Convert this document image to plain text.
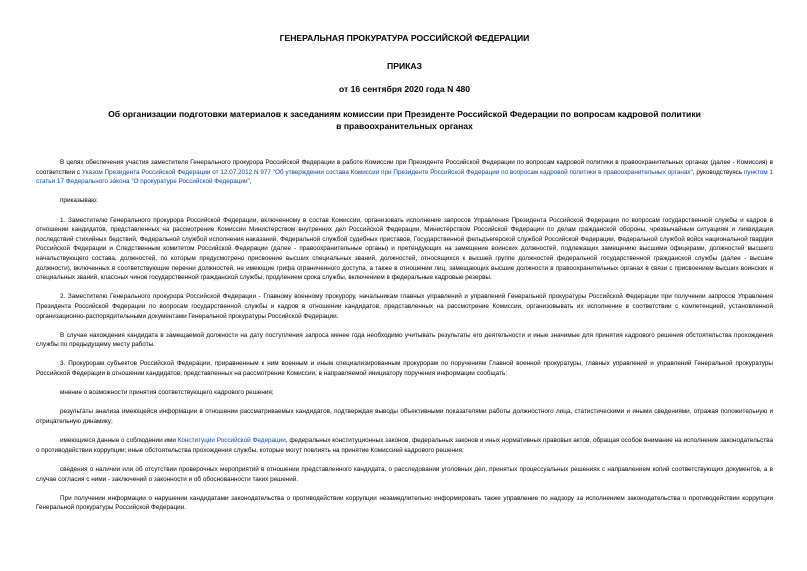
ГЕНЕРАЛЬНАЯ ПРОКУРАТУРА РОССИЙСКОЙ ФЕДЕРАЦИИ
ПРИКАЗ
от 16 сентября 2020 года N 480
Об организации подготовки материалов к заседаниям комиссии при Президенте Российской Федерации по вопросам кадровой политики в правоохранительных органах

В целях обеспечения участия заместителя Генерального прокурора Российской Федерации в работе Комиссии при Президенте Российской Федерации по вопросам кадровой политики в правоохранительных органах (далее - Комиссия) в соответствии с Указом Президента Российской Федерации от 12.07.2012 N 977 "Об утверждении состава Комиссии при Президенте Российской Федерации по вопросам кадровой политики в правоохранительных органах", руководствуясь пунктом 1 статьи 17 Федерального закона "О прокуратуре Российской Федерации",

приказываю:

1. Заместителю Генерального прокурора Российской Федерации, включенному в состав Комиссии, организовать исполнение запросов Управления Президента Российской Федерации по вопросам государственной службы и кадров в отношении кандидатов, представленных на рассмотрение Комиссии Министерством внутренних дел Российской Федерации, Министерством Российской Федерации по делам гражданской обороны, чрезвычайным ситуациям и ликвидации последствий стихийных бедствий, Федеральной службой исполнения наказаний, Федеральной службой судебных приставов, Государственной фельдъегерской службой Российской Федерации, Федеральной службой войск национальной гвардии Российской Федерации и Следственным комитетом Российской Федерации (далее - правоохранительные органы) и претендующих на замещение воинских должностей, подлежащих замещению высшими офицерами, должностей высшего начальствующего состава, должностей, по которым предусмотрено присвоение высших специальных званий, должностей, относящихся к высшей группе должностей федеральной государственной гражданской службы (далее - высшие должности), включенных в соответствующие перечни должностей, не имеющие грифа ограниченного доступа, а также в отношении лиц, замещающих высшие должности в правоохранительных органах в связи с присвоением высших воинских и специальных званий, классных чинов государственной гражданской службы, продлением срока службы, включением в федеральные кадровые резервы.

2. Заместителю Генерального прокурора Российской Федерации - Главному военному прокурору, начальникам главных управлений и управлений Генеральной прокуратуры Российской Федерации при получении запросов Управления Президента Российской Федерации по вопросам государственной службы и кадров в отношении кандидатов, представленных на рассмотрение Комиссии, организовывать их исполнение в соответствии с компетенцией, установленной организационно-распорядительными документами Генеральной прокуратуры Российской Федерации.

В случае нахождения кандидата в замещаемой должности на дату поступления запроса менее года необходимо учитывать результаты его деятельности и иные значимые для принятия кадрового решения обстоятельства прохождения службы по предыдущему месту работы.

3. Прокурорам субъектов Российской Федерации, приравненным к ним военным и иным специализированным прокурорам по поручениям Главной военной прокуратуры, главных управлений и управлений Генеральной прокуратуры Российской Федерации в отношении кандидатов, представленных на рассмотрение Комиссии, в направляемой инициатору поручения информации сообщать:

мнение о возможности принятия соответствующего кадрового решения;

результаты анализа имеющейся информации в отношении рассматриваемых кандидатов, подтверждая выводы объективными показателями работы должностного лица, статистическими и иными сведениями, отражая положительную и отрицательную динамику;

имеющиеся данные о соблюдении ими Конституции Российской Федерации, федеральных конституционных законов, федеральных законов и иных нормативных правовых актов, обращая особое внимание на исполнение законодательства о противодействии коррупции; иные обстоятельства прохождения службы, которые могут повлиять на принятие Комиссией кадрового решения;

сведения о наличии или об отсутствии проверочных мероприятий в отношении представленного кандидата, о расследовании уголовных дел, принятых процессуальных решениях с направлением копий соответствующих документов, а в случае согласия с ними - заключений о законности и об обоснованности таких решений.

При получении информации о нарушении кандидатами законодательства о противодействии коррупции незамедлительно информировать также управление по надзору за исполнением законодательства о противодействии коррупции Генеральной прокуратуры Российской Федерации.
